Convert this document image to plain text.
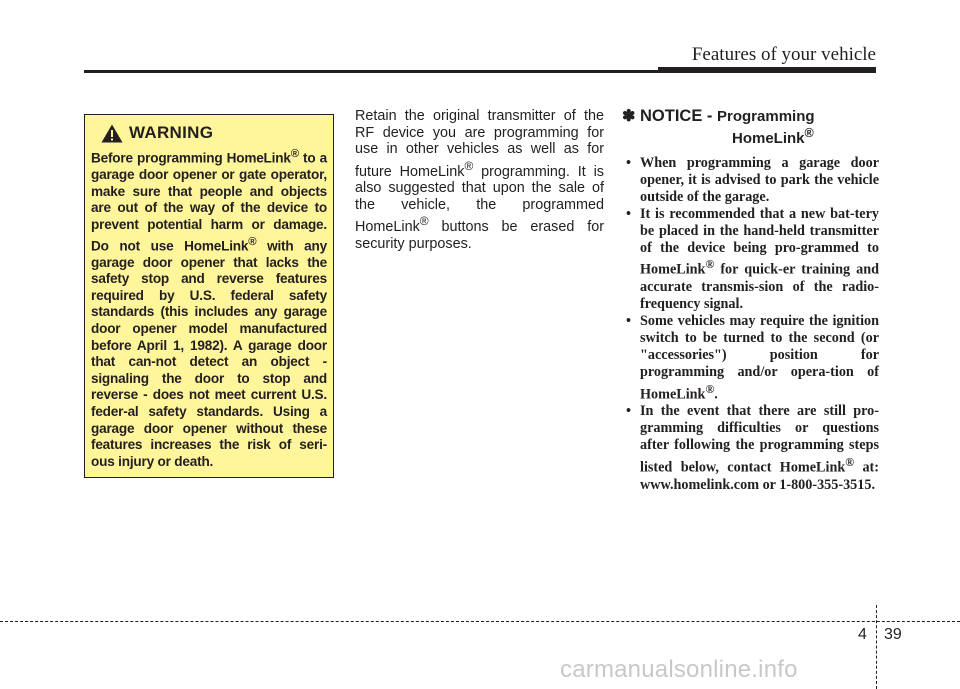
Features of your vehicle
WARNING

Before programming HomeLink® to a garage door opener or gate operator, make sure that people and objects are out of the way of the device to prevent potential harm or damage. Do not use HomeLink® with any garage door opener that lacks the safety stop and reverse features required by U.S. federal safety standards (this includes any garage door opener model manufactured before April 1, 1982). A garage door that can-not detect an object - signaling the door to stop and reverse - does not meet current U.S. feder-al safety standards. Using a garage door opener without these features increases the risk of seri-ous injury or death.

Retain the original transmitter of the RF device you are programming for use in other vehicles as well as for future HomeLink® programming. It is also suggested that upon the sale of the vehicle, the programmed HomeLink® buttons be erased for security purposes.

✽ NOTICE - Programming
HomeLink®
• When programming a garage door opener, it is advised to park the vehicle outside of the garage.
• It is recommended that a new bat-tery be placed in the hand-held transmitter of the device being pro-grammed to HomeLink® for quick-er training and accurate transmis-sion of the radio-frequency signal.
• Some vehicles may require the ignition switch to be turned to the second (or "accessories") position for programming and/or opera-tion of HomeLink®.
• In the event that there are still pro-gramming difficulties or questions after following the programming steps listed below, contact HomeLink® at: www.homelink.com or 1-800-355-3515.
4 39
carmanualsonline.info
